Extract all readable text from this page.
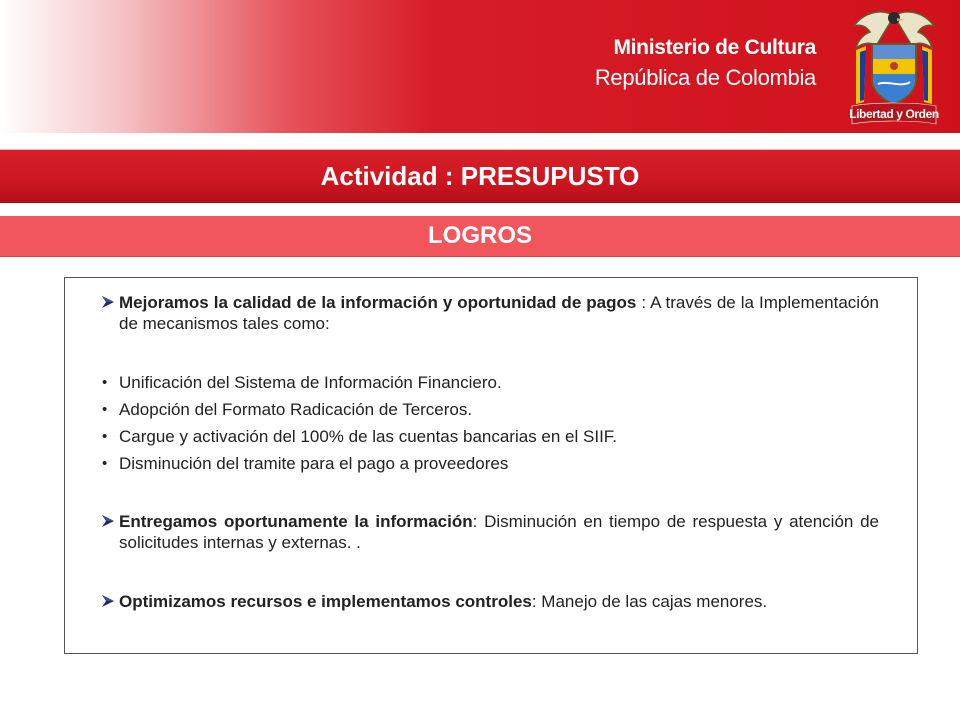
Ministerio de Cultura
República de Colombia
Libertad y Orden
Actividad : PRESUPUSTO
LOGROS
Mejoramos la calidad de la información y oportunidad de pagos : A través de la Implementación de mecanismos tales como:
• Unificación del Sistema de Información Financiero.
• Adopción del Formato Radicación de Terceros.
• Cargue y activación del 100% de las cuentas bancarias en el SIIF.
• Disminución del tramite para el pago a proveedores
Entregamos oportunamente la información: Disminución en tiempo de respuesta y atención de solicitudes internas y externas. .
Optimizamos recursos e implementamos controles: Manejo de las cajas menores.
